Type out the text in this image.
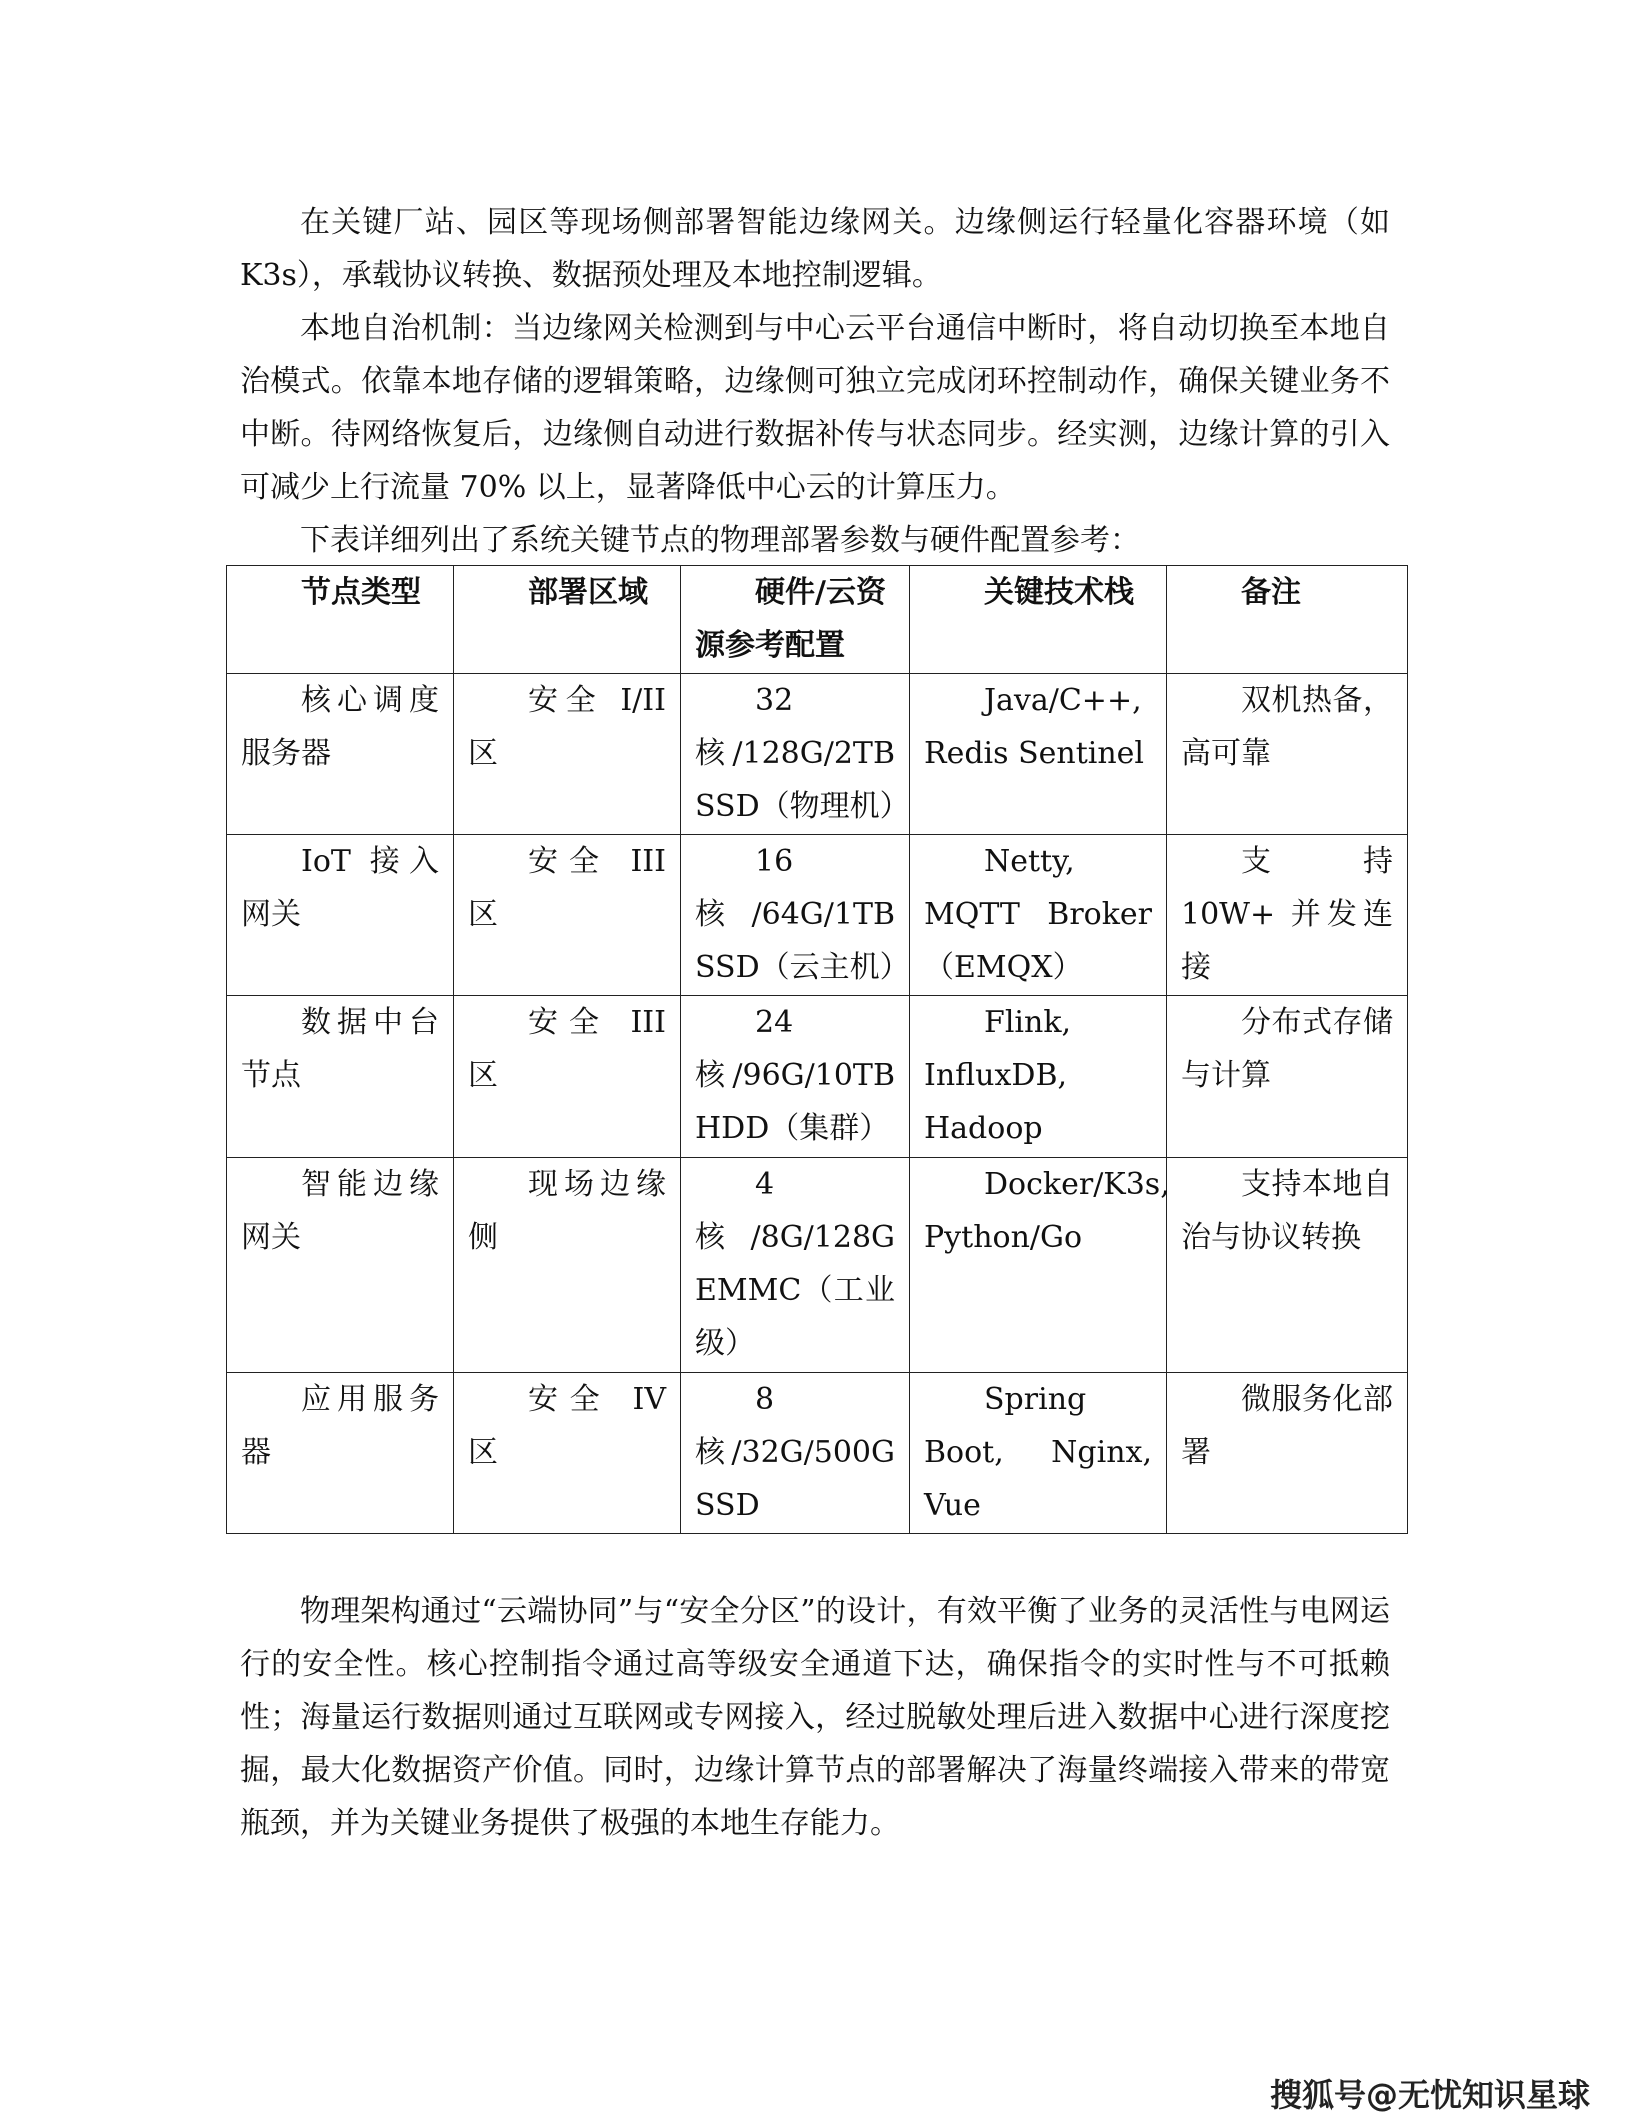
在关键厂站、园区等现场侧部署智能边缘网关。边缘侧运行轻量化容器环境（如 K3s），承载协议转换、数据预处理及本地控制逻辑。

本地自治机制：当边缘网关检测到与中心云平台通信中断时，将自动切换至本地自治模式。依靠本地存储的逻辑策略，边缘侧可独立完成闭环控制动作，确保关键业务不中断。待网络恢复后，边缘侧自动进行数据补传与状态同步。经实测，边缘计算的引入可减少上行流量 70% 以上，显著降低中心云的计算压力。

下表详细列出了系统关键节点的物理部署参数与硬件配置参考：

节点类型	部署区域	硬件/云资源参考配置	关键技术栈	备注
核心调度服务器	安全 I/II 区	32 核/128G/2TB SSD（物理机）	Java/C++, Redis Sentinel	双机热备，高可靠
IoT 接入网关	安全 III 区	16 核/64G/1TB SSD（云主机）	Netty, MQTT Broker（EMQX）	支持 10W+ 并发连接
数据中台节点	安全 III 区	24 核/96G/10TB HDD（集群）	Flink, InfluxDB, Hadoop	分布式存储与计算
智能边缘网关	现场边缘侧	4 核/8G/128G EMMC（工业级）	Docker/K3s, Python/Go	支持本地自治与协议转换
应用服务器	安全 IV 区	8 核/32G/500G SSD	Spring Boot, Nginx, Vue	微服务化部署

物理架构通过“云端协同”与“安全分区”的设计，有效平衡了业务的灵活性与电网运行的安全性。核心控制指令通过高等级安全通道下达，确保指令的实时性与不可抵赖性；海量运行数据则通过互联网或专网接入，经过脱敏处理后进入数据中心进行深度挖掘，最大化数据资产价值。同时，边缘计算节点的部署解决了海量终端接入带来的带宽瓶颈，并为关键业务提供了极强的本地生存能力。

搜狐号@无忧知识星球
